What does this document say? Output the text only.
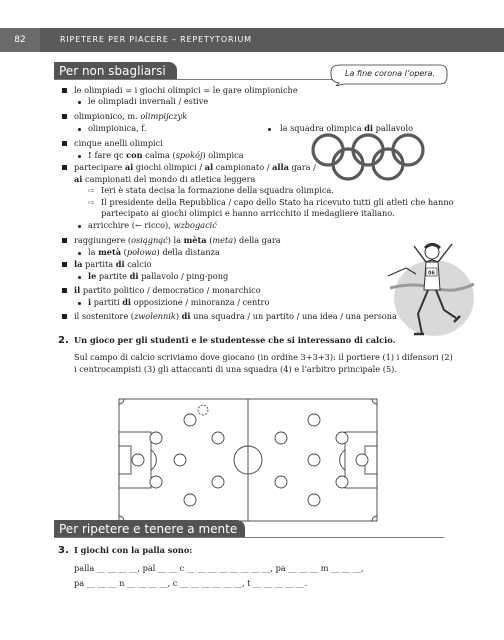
82	RIPETERE PER PIACERE – REPETYTORIUM
Per non sbagliarsi	La fine corona l’opera.
le olimpiadi = i giochi olimpici = le gare olimpioniche
le olimpiadi invernali / estive
olimpionico, m. olimpijczyk
olimpionica, f.
cinque anelli olimpici
! fare qc con calma (spokój) olimpica
partecipare ai giochi olimpici / al campionato / alla gara /
ai campionati del mondo di atletica leggera
⇨ Ieri è stata decisa la formazione della squadra olimpica.
⇨ Il presidente della Repubblica / capo dello Stato ha ricevuto tutti gli atleti che hanno
partecipato ai giochi olimpici e hanno arricchito il medagliere italiano.
arricchire (← ricco), wzbogacić
raggiungere (osiągnąć) la mèta (meta) della gara
la metà (połowa) della distanza
la partita di calcio
le partite di pallavolo / ping-pong
il partito politico / democratico / monarchico
i partiti di opposizione / minoranza / centro
il sostenitore (zwolennik) di una squadra / un partito / una idea / una persona
la squadra olimpica di pallavolo
06
2. Un gioco per gli studenti e le studentesse che si interessano di calcio.
Sul campo di calcio scriviamo dove giocano (in ordine 3+3+3): il portiere (1) i difensori (2)
i centrocampisti (3) gli attaccanti di una squadra (4) e l’arbitro principale (5).
Per ripetere e tenere a mente
3. I giochi con la palla sono:
palla __ __ __ __, pal __ __ c __ __ __ __ __ __ __ __, pa __ __ __ m __ __ __,
pa __ __ __ n __ __ __ __, c __ __ __ __ __ __, t __ __ __ __ __.
